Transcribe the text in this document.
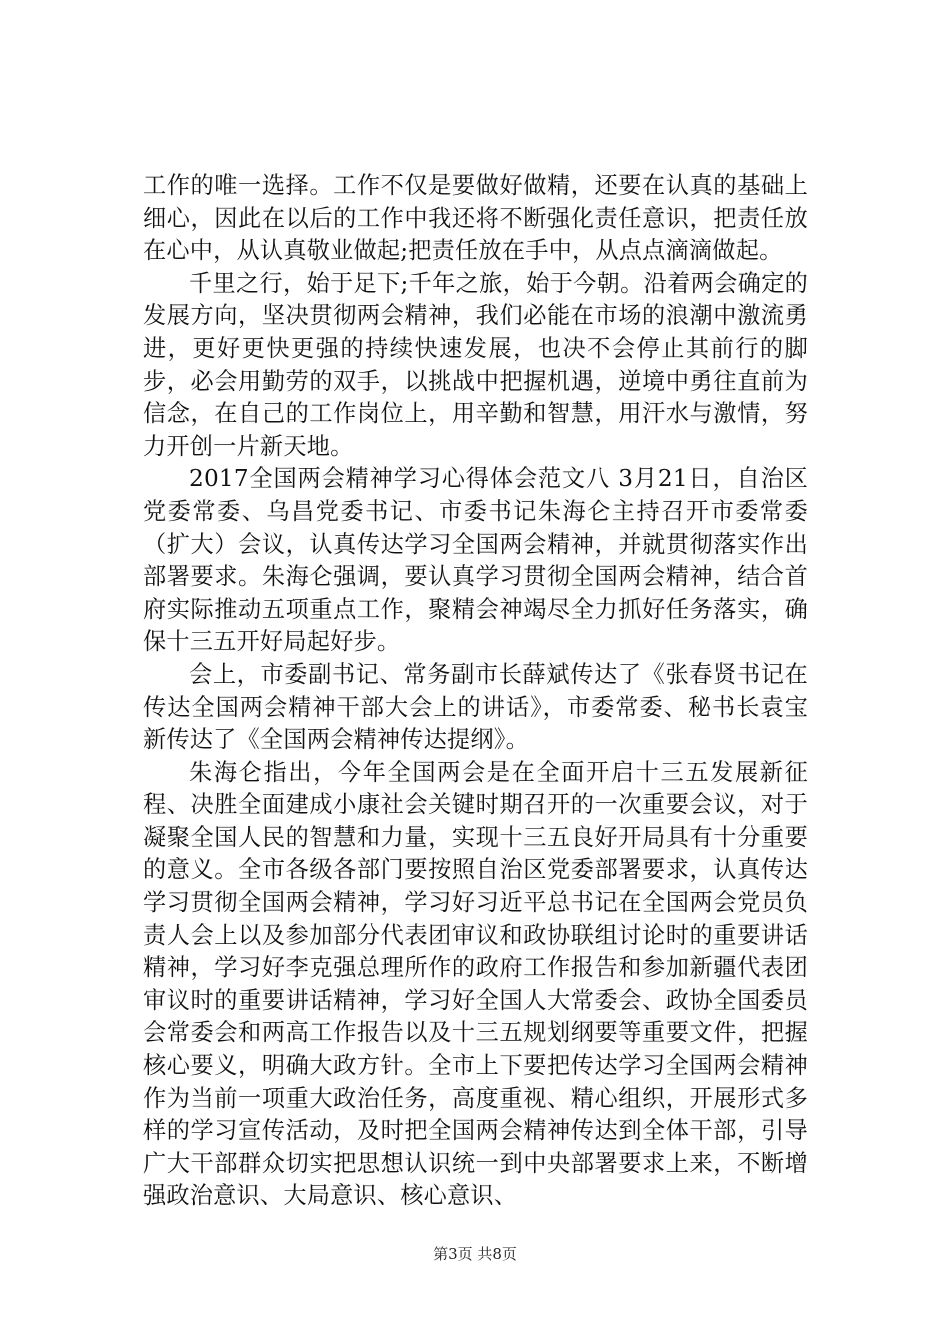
工作的唯一选择。工作不仅是要做好做精，还要在认真的基础上细心，因此在以后的工作中我还将不断强化责任意识，把责任放在心中，从认真敬业做起;把责任放在手中，从点点滴滴做起。

千里之行，始于足下;千年之旅，始于今朝。沿着两会确定的发展方向，坚决贯彻两会精神，我们必能在市场的浪潮中激流勇进，更好更快更强的持续快速发展，也决不会停止其前行的脚步，必会用勤劳的双手，以挑战中把握机遇，逆境中勇往直前为信念，在自己的工作岗位上，用辛勤和智慧，用汗水与激情，努力开创一片新天地。

2017全国两会精神学习心得体会范文八 3月21日，自治区党委常委、乌昌党委书记、市委书记朱海仑主持召开市委常委（扩大）会议，认真传达学习全国两会精神，并就贯彻落实作出部署要求。朱海仑强调，要认真学习贯彻全国两会精神，结合首府实际推动五项重点工作，聚精会神竭尽全力抓好任务落实，确保十三五开好局起好步。

会上，市委副书记、常务副市长薛斌传达了《张春贤书记在传达全国两会精神干部大会上的讲话》，市委常委、秘书长袁宝新传达了《全国两会精神传达提纲》。

朱海仑指出，今年全国两会是在全面开启十三五发展新征程、决胜全面建成小康社会关键时期召开的一次重要会议，对于凝聚全国人民的智慧和力量，实现十三五良好开局具有十分重要的意义。全市各级各部门要按照自治区党委部署要求，认真传达学习贯彻全国两会精神，学习好习近平总书记在全国两会党员负责人会上以及参加部分代表团审议和政协联组讨论时的重要讲话精神，学习好李克强总理所作的政府工作报告和参加新疆代表团审议时的重要讲话精神，学习好全国人大常委会、政协全国委员会常委会和两高工作报告以及十三五规划纲要等重要文件，把握核心要义，明确大政方针。全市上下要把传达学习全国两会精神作为当前一项重大政治任务，高度重视、精心组织，开展形式多样的学习宣传活动，及时把全国两会精神传达到全体干部，引导广大干部群众切实把思想认识统一到中央部署要求上来，不断增强政治意识、大局意识、核心意识、

第3页 共8页
